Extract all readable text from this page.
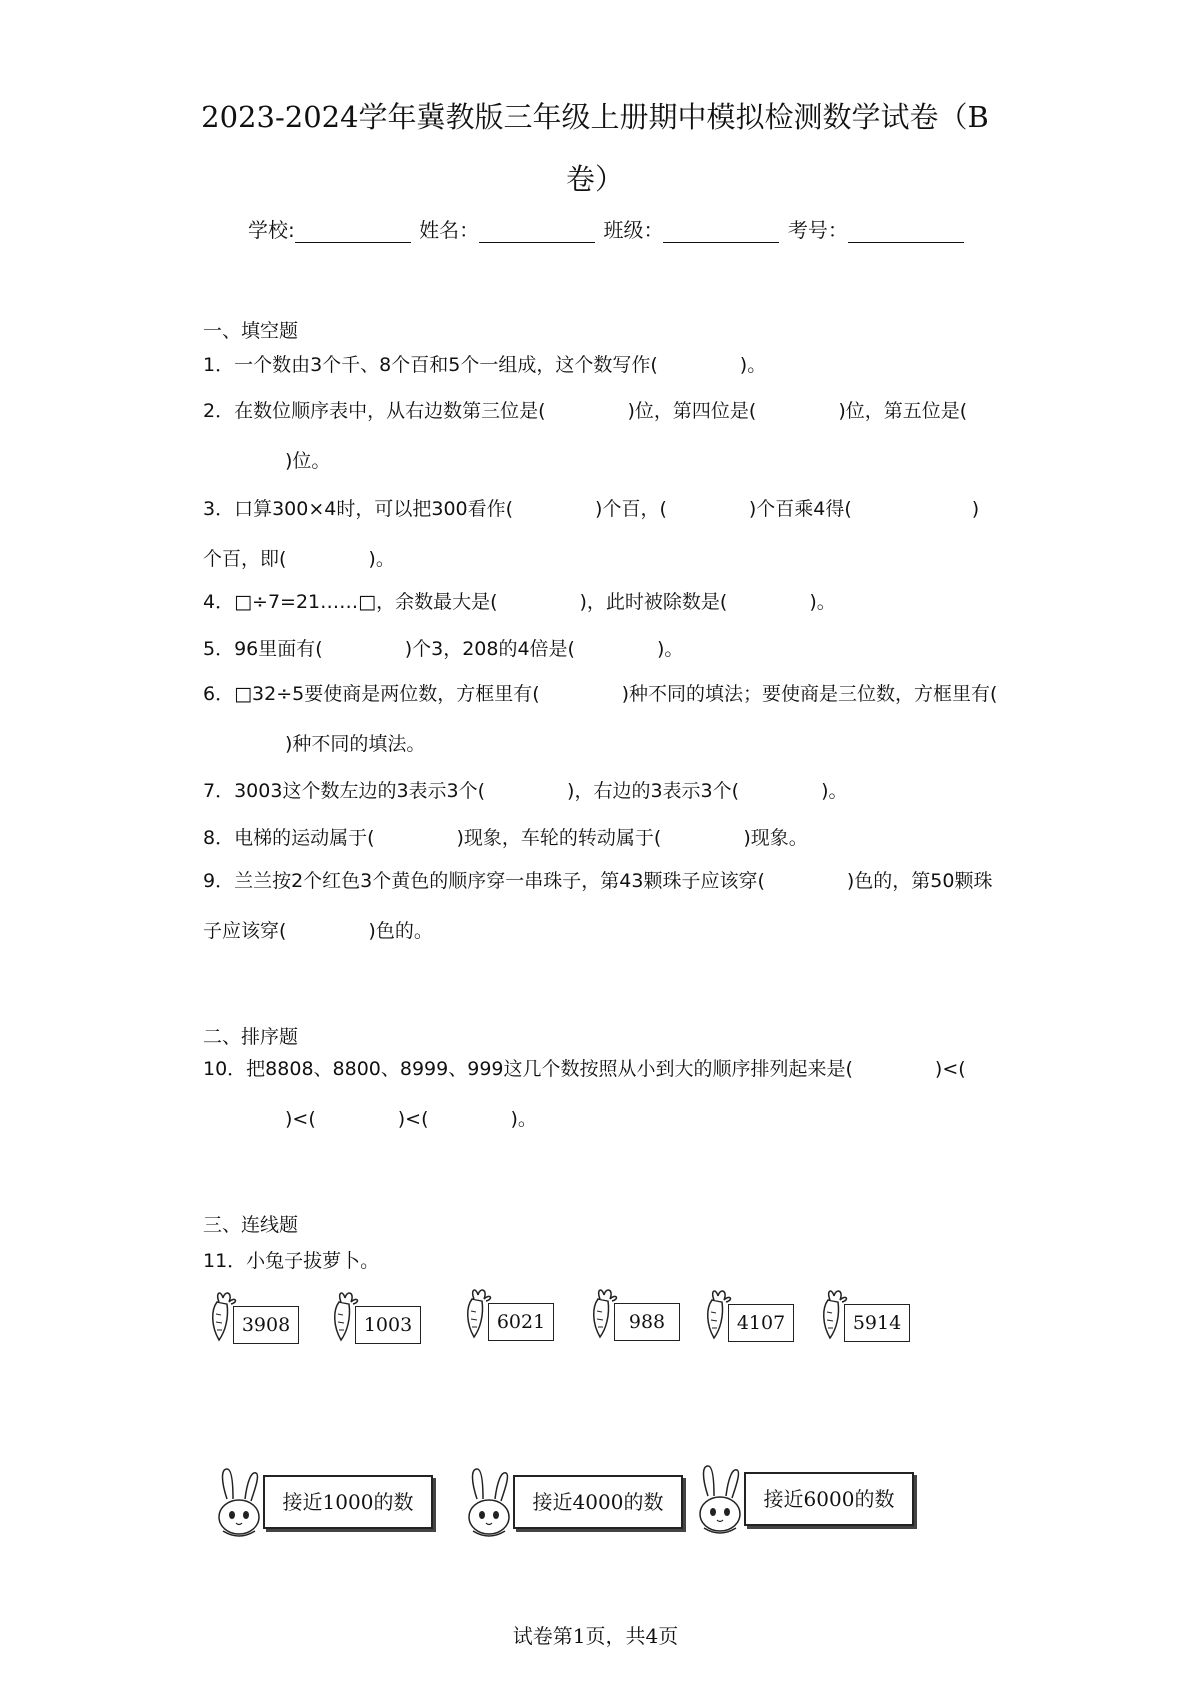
2023-2024学年冀教版三年级上册期中模拟检测数学试卷（B
卷）
学校:	姓名：	班级：	考号：
一、填空题
1．一个数由3个千、8个百和5个一组成，这个数写作(	)。
2．在数位顺序表中，从右边数第三位是(	)位，第四位是(	)位，第五位是()位。
3．口算300×4时，可以把300看作(	)个百，(	)个百乘4得(	)个百，即(	)。
4．□÷7=21……□，余数最大是(	)，此时被除数是(	)。
5．96里面有(	)个3，208的4倍是(	)。
6．□32÷5要使商是两位数，方框里有(	)种不同的填法；要使商是三位数，方框里有()种不同的填法。
7．3003这个数左边的3表示3个(	)，右边的3表示3个(	)。
8．电梯的运动属于(	)现象，车轮的转动属于(	)现象。
9．兰兰按2个红色3个黄色的顺序穿一串珠子，第43颗珠子应该穿(	)色的，第50颗珠子应该穿(	)色的。
二、排序题
10．把8808、8800、8999、999这几个数按照从小到大的顺序排列起来是(	)<()<(	)<(	)。
三、连线题
11．小兔子拔萝卜。
3908	1003	6021	988	4107	5914
接近1000的数	接近4000的数	接近6000的数
试卷第1页，共4页
